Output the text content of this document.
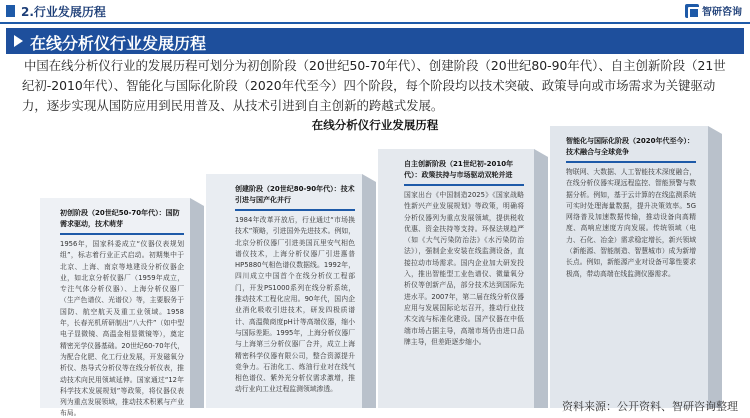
2.行业发展历程	智研咨询
在线分析仪行业发展历程
中国在线分析仪行业的发展历程可划分为初创阶段（20世纪50-70年代）、创建阶段（20世纪80-90年代）、自主创新阶段（21世纪初-2010年代）、智能化与国际化阶段（2020年代至今）四个阶段，每个阶段均以技术突破、政策导向或市场需求为关键驱动力，逐步实现从国防应用到民用普及、从技术引进到自主创新的跨越式发展。
初创阶段（20世纪50-70年代）：国防需求驱动，技术萌芽
1956年，国家科委成立“仪器仪表规划组”，标志着行业正式启动。初期集中于北京、上海、南京等地建设分析仪器企业，如北京分析仪器厂（1959年成立，专注气体分析仪器）、上海分析仪器厂（生产色谱仪、光谱仪）等，主要服务于国防、航空航天及重工业领域。1958年，长春光机所研制出“八大件”（如中型电子显微镜、高温金相显微镜等），奠定精密光学仪器基础。20世纪60-70年代，为配合化肥、化工行业发展，开发磁氧分析仪、热导式分析仪等在线分析仪表，推动技术向民用领域延伸。国家通过“12年科学技术发展规划”等政策，将仪器仪表列为重点发展领域，推动技术积累与产业布局。
创建阶段（20世纪80-90年代）：技术引进与国产化并行
1984年改革开放后，行业通过“市场换技术”策略，引进国外先进技术。例如，北京分析仪器厂引进美国瓦里安气相色谱仪技术，上海分析仪器厂引进惠普HP5880气相色谱仪数据线。1992年，四川成立中国首个在线分析仪工程部门，开发PS1000系列在线分析系统，推动技术工程化应用。90年代，国内企业消化吸收引进技术，研发四极质谱计、高温微商度pH计等高端仪器，缩小与国际差距。1995年，上海分析仪器厂与上海第三分析仪器厂合并，成立上海精密科学仪器有限公司，整合资源提升竞争力。石油化工、炼油行业对在线气相色谱仪、紫外光分析仪需求激增，推动行业向工业过程监测领域渗透。
自主创新阶段（21世纪初-2010年代）：政策扶持与市场驱动双轮并进
国家出台《中国制造2025》《国家战略性新兴产业发展规划》等政策，明确将分析仪器列为重点发展领域，提供税收优惠、资金扶持等支持。环保法规趋严（如《大气污染防治法》《水污染防治法》），强制企业安装在线监测设备，直接拉动市场需求。国内企业加大研发投入，推出智能型工业色谱仪、微量氧分析仪等创新产品，部分技术达到国际先进水平。2007年，第二届在线分析仪器应用与发展国际论坛召开，推动行业技术交流与标准化建设。国产仪器在中低端市场占据主导，高端市场仍由进口品牌主导，但差距逐步缩小。
智能化与国际化阶段（2020年代至今）：技术融合与全球竞争
物联网、大数据、人工智能技术深度融合，在线分析仪器实现远程监控、智能预警与数据分析。例如，基于云计算的在线监测系统可实时处理海量数据，提升决策效率。5G网络普及加速数据传输，推动设备向高精度、高响应速度方向发展。传统领域（电力、石化、冶金）需求稳定增长，新兴领域（新能源、智能制造、智慧城市）成为新增长点。例如，新能源产业对设备可靠性要求极高，带动高端在线监测仪器需求。
在线分析仪行业发展历程
资料来源：公开资料、智研咨询整理
